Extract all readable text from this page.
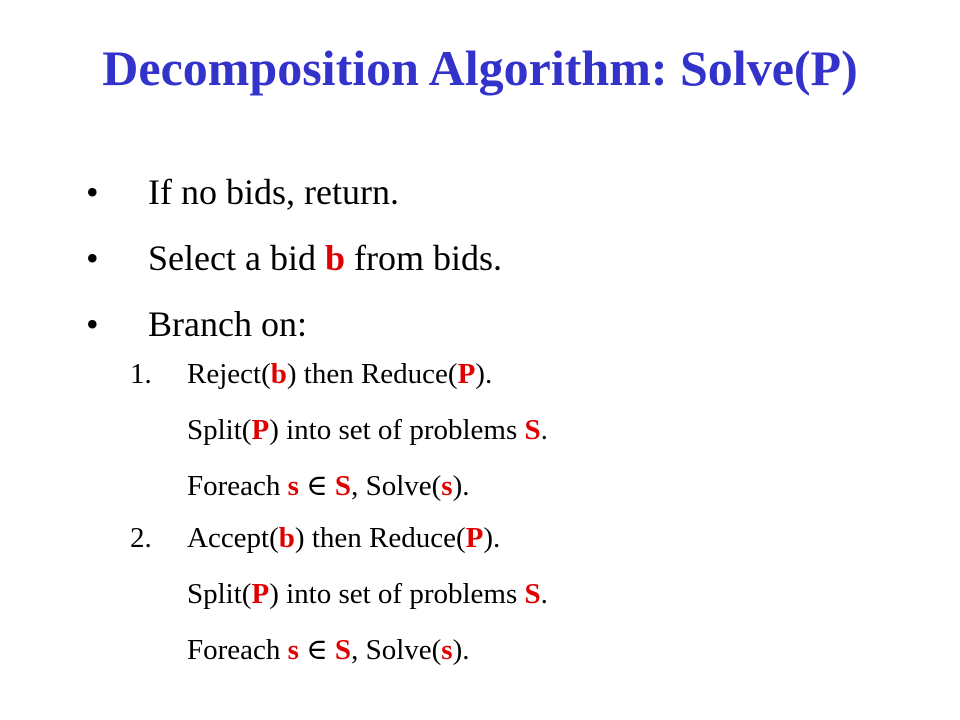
Decomposition Algorithm: Solve(P)
• If no bids, return.
• Select a bid b from bids.
• Branch on:
1. Reject(b) then Reduce(P).
Split(P) into set of problems S.
Foreach s ∈ S, Solve(s).
2. Accept(b) then Reduce(P).
Split(P) into set of problems S.
Foreach s ∈ S, Solve(s).
